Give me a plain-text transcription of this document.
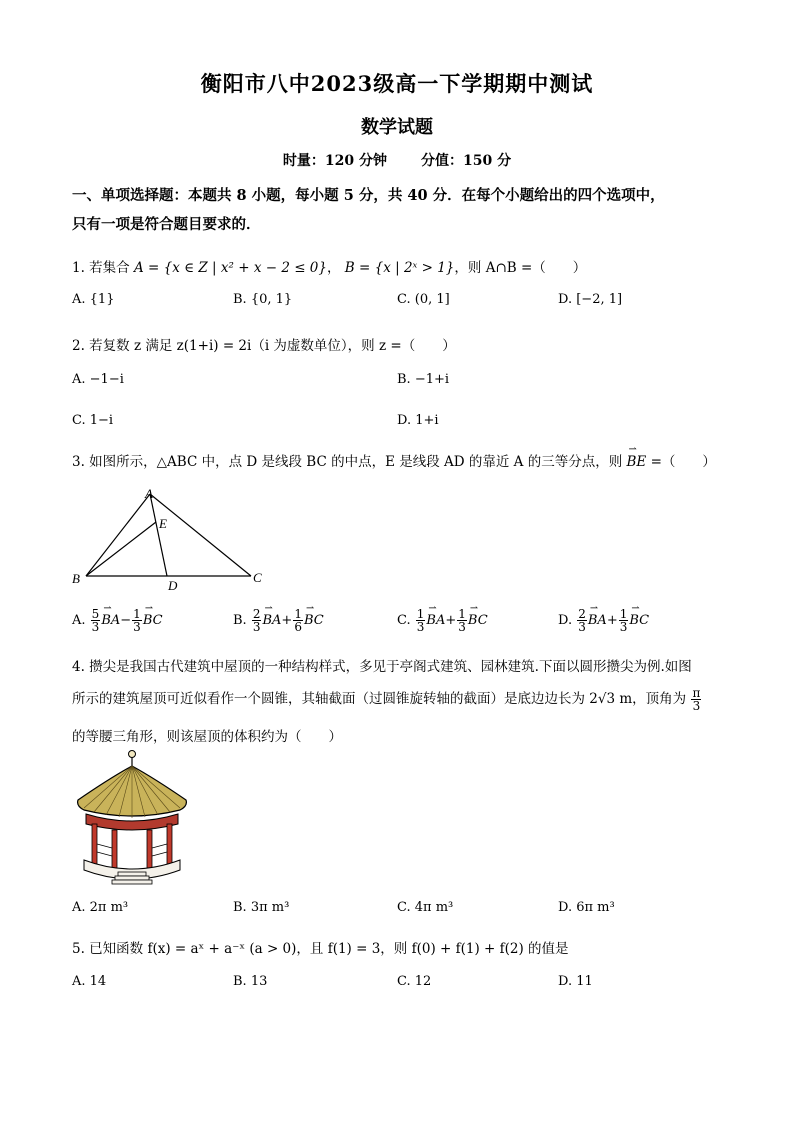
衡阳市八中2023级高一下学期期中测试
数学试题
时量：120 分钟 分值：150 分
一、单项选择题：本题共 8 小题，每小题 5 分，共 40 分．在每个小题给出的四个选项中，
只有一项是符合题目要求的．
1. 若集合 A = {x ∈ Z | x² + x − 2 ≤ 0}， B = {x | 2ˣ > 1}，则 A∩B =（　　）
A. {1}	B. {0, 1}	C. (0, 1]	D. [−2, 1]
2. 若复数 z 满足 z(1+i) = 2i（i 为虚数单位），则 z =（　　）
A. −1−i	B. −1+i
C. 1−i	D. 1+i
3. 如图所示，△ABC 中，点 D 是线段 BC 的中点，E 是线段 AD 的靠近 A 的三等分点，则 ⇀ BE =（　　）
A
E
B	D
C
A. $\frac{5}{3}$ ⇀ $BA- \frac{1}{3}$ ⇀ BC	B. $\frac{2}{3}$ ⇀ $BA+ \frac{1}{6}$ ⇀ BC	C. $\frac{1}{3}$ ⇀ $BA+ \frac{1}{3}$ ⇀ BC	D. $\frac{2}{3}$ ⇀ $BA+ \frac{1}{3}$ ⇀ BC
4. 攒尖是我国古代建筑中屋顶的一种结构样式，多见于亭阁式建筑、园林建筑.下面以圆形攒尖为例.如图
所示的建筑屋顶可近似看作一个圆锥，其轴截面（过圆锥旋转轴的截面）是底边边长为 2√3 m，顶角为 $\frac{\pi}{3}$
的等腰三角形，则该屋顶的体积约为（　　）
A. 2π m³	B. 3π m³	C. 4π m³	D. 6π m³
5. 已知函数 f(x) = aˣ + a⁻ˣ (a > 0)，且 f(1) = 3，则 f(0) + f(1) + f(2) 的值是
A. 14	B. 13	C. 12	D. 11
